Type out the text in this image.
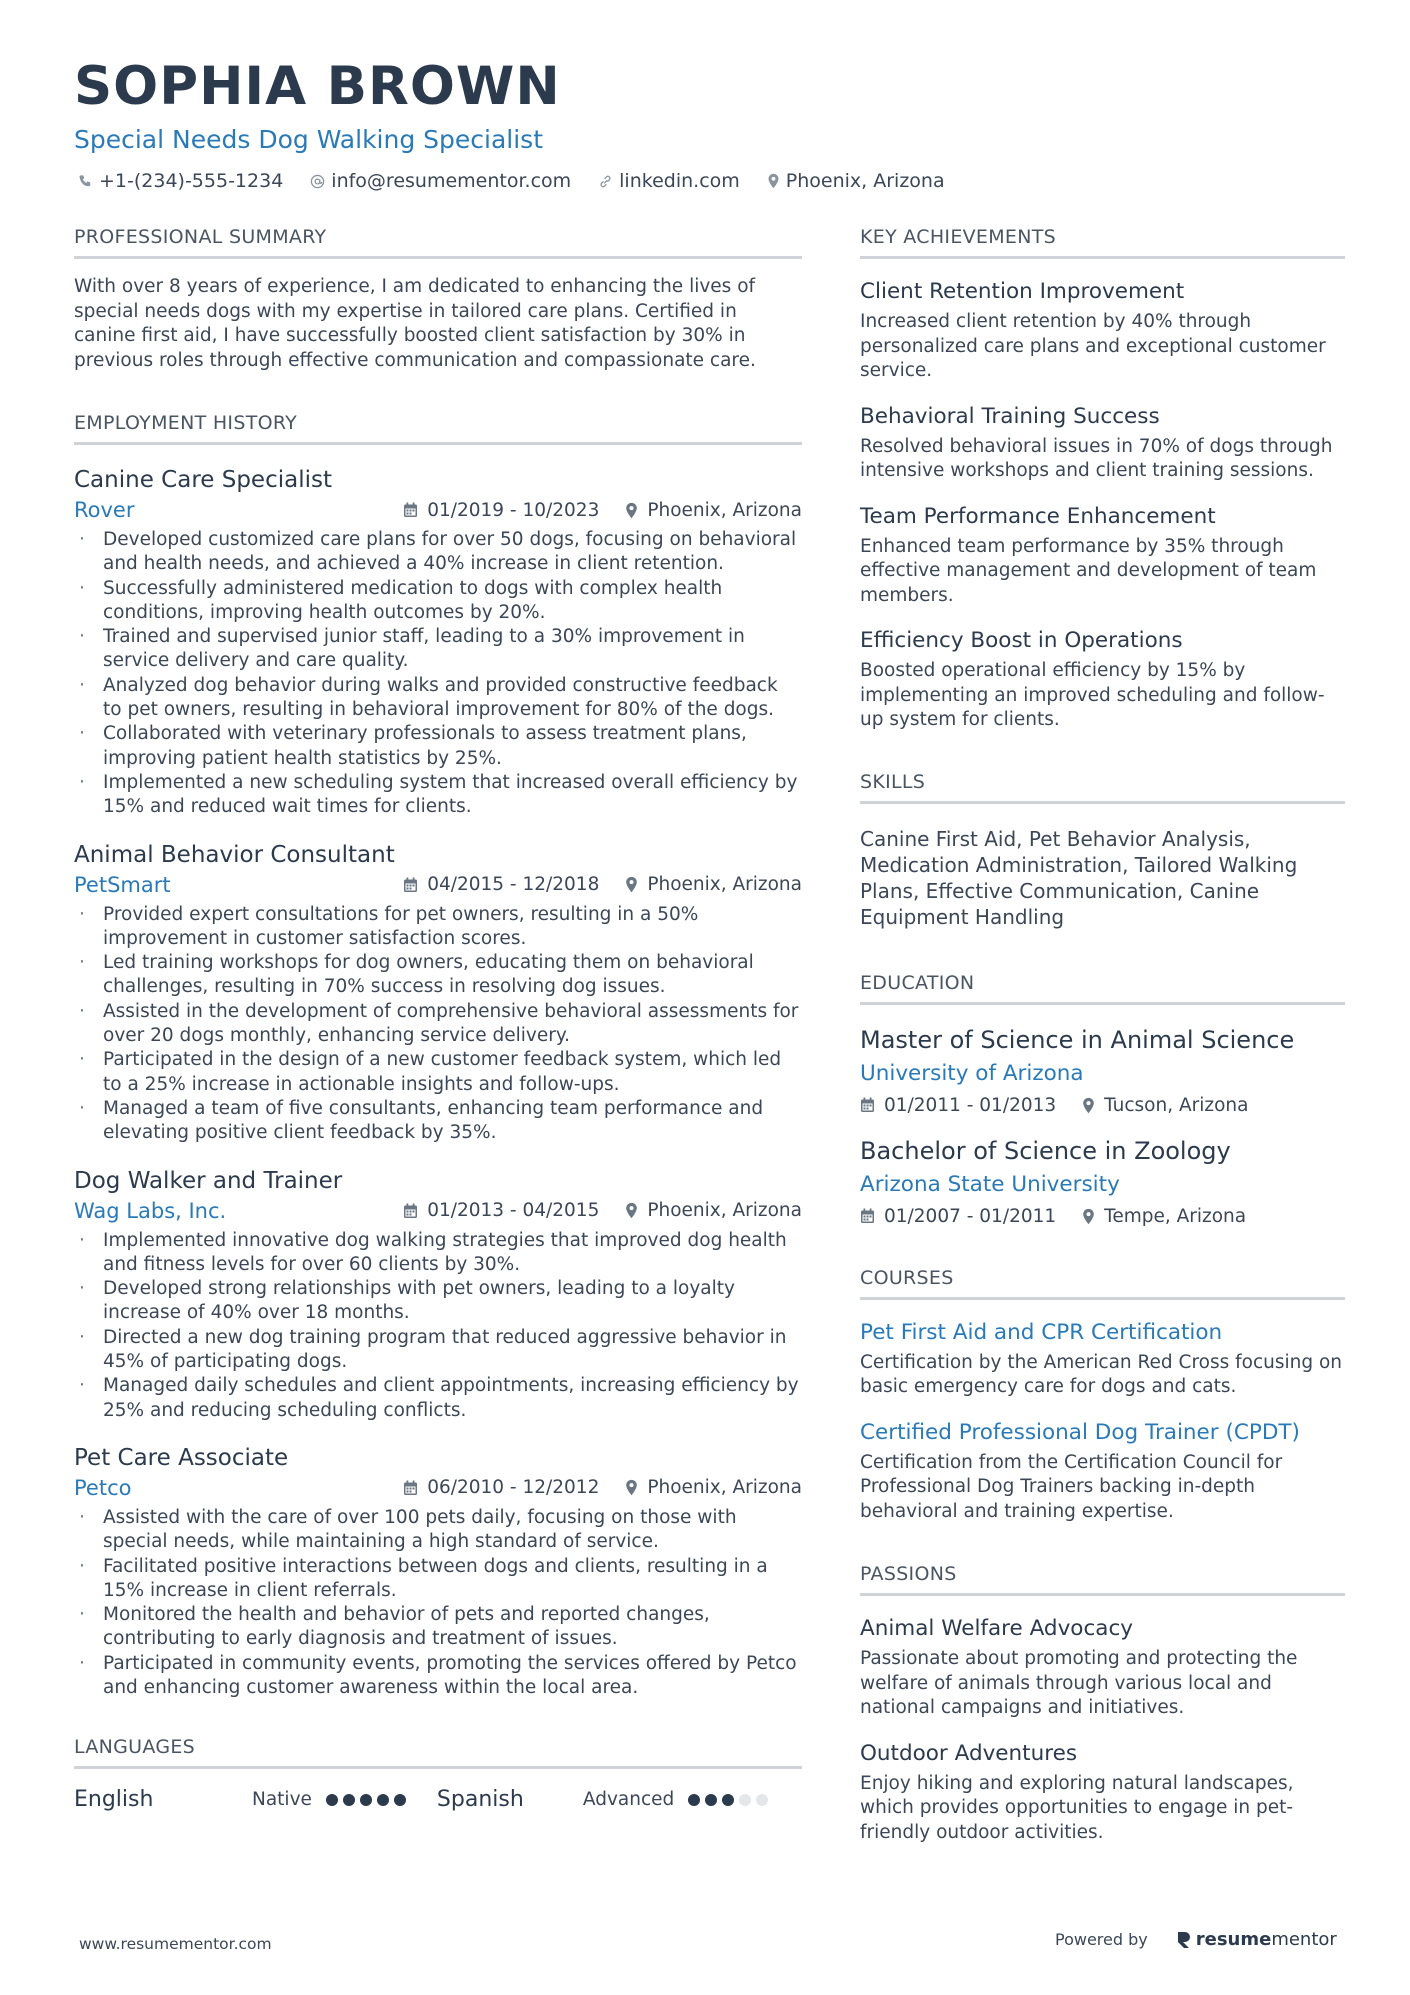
SOPHIA BROWN
Special Needs Dog Walking Specialist
+1-(234)-555-1234	info@resumementor.com	linkedin.com Phoenix, Arizona
PROFESSIONAL SUMMARY
With over 8 years of experience, I am dedicated to enhancing the lives of special needs dogs with my expertise in tailored care plans. Certified in canine first aid, I have successfully boosted client satisfaction by 30% in previous roles through effective communication and compassionate care.
EMPLOYMENT HISTORY
Canine Care Specialist
Rover	01/2019 - 10/2023	Phoenix, Arizona
· Developed customized care plans for over 50 dogs, focusing on behavioral and health needs, and achieved a 40% increase in client retention.
· Successfully administered medication to dogs with complex health conditions, improving health outcomes by 20%.
· Trained and supervised junior staff, leading to a 30% improvement in service delivery and care quality.
· Analyzed dog behavior during walks and provided constructive feedback to pet owners, resulting in behavioral improvement for 80% of the dogs.
· Collaborated with veterinary professionals to assess treatment plans, improving patient health statistics by 25%.
· Implemented a new scheduling system that increased overall efficiency by 15% and reduced wait times for clients.
Animal Behavior Consultant
PetSmart	04/2015 - 12/2018	Phoenix, Arizona
· Provided expert consultations for pet owners, resulting in a 50% improvement in customer satisfaction scores.
· Led training workshops for dog owners, educating them on behavioral challenges, resulting in 70% success in resolving dog issues.
· Assisted in the development of comprehensive behavioral assessments for over 20 dogs monthly, enhancing service delivery.
· Participated in the design of a new customer feedback system, which led to a 25% increase in actionable insights and follow-ups.
· Managed a team of five consultants, enhancing team performance and elevating positive client feedback by 35%.
Dog Walker and Trainer
Wag Labs, Inc.	01/2013 - 04/2015	Phoenix, Arizona
· Implemented innovative dog walking strategies that improved dog health and fitness levels for over 60 clients by 30%.
· Developed strong relationships with pet owners, leading to a loyalty increase of 40% over 18 months.
· Directed a new dog training program that reduced aggressive behavior in 45% of participating dogs.
· Managed daily schedules and client appointments, increasing efficiency by 25% and reducing scheduling conflicts.
Pet Care Associate
Petco	06/2010 - 12/2012	Phoenix, Arizona
· Assisted with the care of over 100 pets daily, focusing on those with special needs, while maintaining a high standard of service.
· Facilitated positive interactions between dogs and clients, resulting in a 15% increase in client referrals.
· Monitored the health and behavior of pets and reported changes, contributing to early diagnosis and treatment of issues.
· Participated in community events, promoting the services offered by Petco and enhancing customer awareness within the local area.
LANGUAGES
English	Native	Spanish	Advanced
KEY ACHIEVEMENTS
Client Retention Improvement
Increased client retention by 40% through personalized care plans and exceptional customer service.
Behavioral Training Success
Resolved behavioral issues in 70% of dogs through intensive workshops and client training sessions.
Team Performance Enhancement
Enhanced team performance by 35% through effective management and development of team members.
Efficiency Boost in Operations
Boosted operational efficiency by 15% by implementing an improved scheduling and follow-up system for clients.
SKILLS
Canine First Aid, Pet Behavior Analysis, Medication Administration, Tailored Walking Plans, Effective Communication, Canine Equipment Handling
EDUCATION
Master of Science in Animal Science
University of Arizona
01/2011 - 01/2013	Tucson, Arizona
Bachelor of Science in Zoology
Arizona State University
01/2007 - 01/2011	Tempe, Arizona
COURSES
Pet First Aid and CPR Certification
Certification by the American Red Cross focusing on basic emergency care for dogs and cats.
Certified Professional Dog Trainer (CPDT)
Certification from the Certification Council for Professional Dog Trainers backing in-depth behavioral and training expertise.
PASSIONS
Animal Welfare Advocacy
Passionate about promoting and protecting the welfare of animals through various local and national campaigns and initiatives.
Outdoor Adventures
Enjoy hiking and exploring natural landscapes, which provides opportunities to engage in pet-friendly outdoor activities.
www.resumementor.com	Powered by	resume mentor
